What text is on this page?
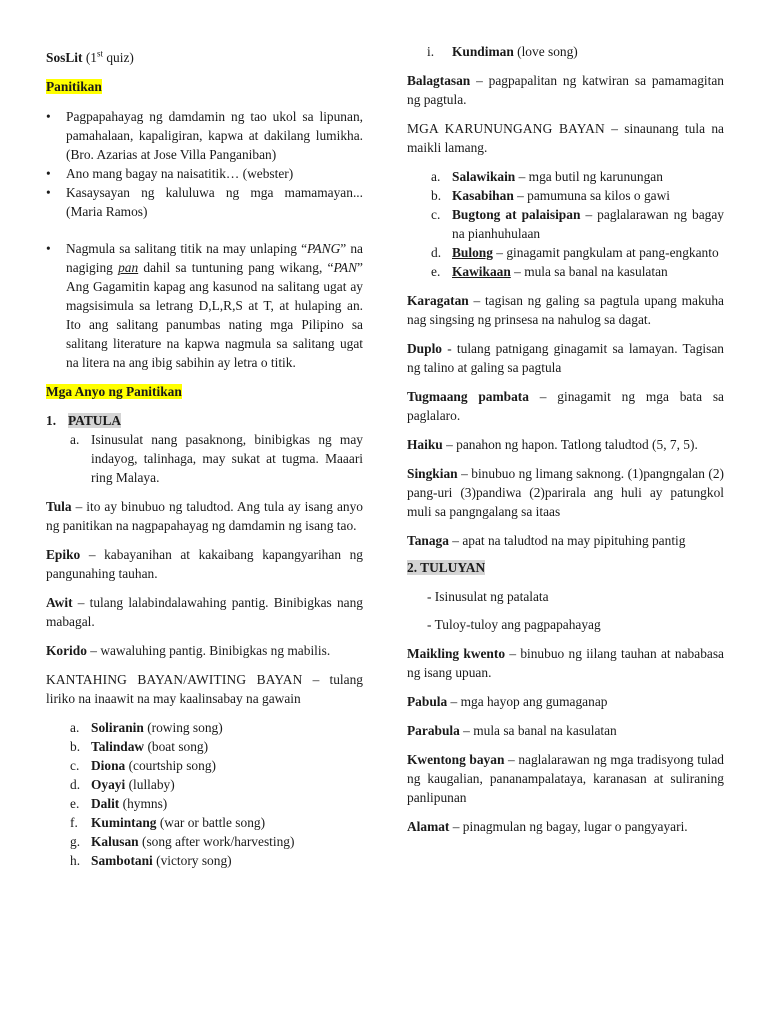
SosLit (1st quiz)

Panitikan

• Pagpapahayag ng damdamin ng tao ukol sa lipunan, pamahalaan, kapaligiran, kapwa at dakilang lumikha. (Bro. Azarias at Jose Villa Panganiban)

• Ano mang bagay na naisatitik… (webster)

• Kasaysayan ng kaluluwa ng mga mamamayan... (Maria Ramos)

• Nagmula sa salitang titik na may unlaping “PANG” na nagiging pan dahil sa tuntuning pang wikang, “PAN” Ang Gagamitin kapag ang kasunod na salitang ugat ay magsisimula sa letrang D,L,R,S at T, at hulaping an. Ito ang salitang panumbas nating mga Pilipino sa salitang literature na kapwa nagmula sa salitang ugat na litera na ang ibig sabihin ay letra o titik.

Mga Anyo ng Panitikan

1. PATULA

a. Isinusulat nang pasaknong, binibigkas ng may indayog, talinhaga, may sukat at tugma. Maaari ring Malaya.

Tula – ito ay binubuo ng taludtod. Ang tula ay isang anyo ng panitikan na nagpapahayag ng damdamin ng isang tao.

Epiko – kabayanihan at kakaibang kapangyarihan ng pangunahing tauhan.

Awit – tulang lalabindalawahing pantig. Binibigkas nang mabagal.

Korido – wawaluhing pantig. Binibigkas ng mabilis.

KANTAHING BAYAN/AWITING BAYAN – tulang liriko na inaawit na may kaalinsabay na gawain

a. Soliranin (rowing song)

b. Talindaw (boat song)

c. Diona (courtship song)

d. Oyayi (lullaby)

e. Dalit (hymns)

f. Kumintang (war or battle song)

g. Kalusan (song after work/harvesting)

h. Sambotani (victory song)

i. Kundiman (love song)

Balagtasan – pagpapalitan ng katwiran sa pamamagitan ng pagtula.

MGA KARUNUNGANG BAYAN – sinaunang tula na maikli lamang.

a. Salawikain – mga butil ng karunungan

b. Kasabihan – pamumuna sa kilos o gawi

c. Bugtong at palaisipan – paglalarawan ng bagay na pianhuhulaan

d. Bulong – ginagamit pangkulam at pang-engkanto

e. Kawikaan – mula sa banal na kasulatan

Karagatan – tagisan ng galing sa pagtula upang makuha nag singsing ng prinsesa na nahulog sa dagat.

Duplo - tulang patnigang ginagamit sa lamayan. Tagisan ng talino at galing sa pagtula

Tugmaang pambata – ginagamit ng mga bata sa paglalaro.

Haiku – panahon ng hapon. Tatlong taludtod (5, 7, 5).

Singkian – binubuo ng limang saknong. (1)pangngalan (2) pang-uri (3)pandiwa (2)parirala ang huli ay patungkol muli sa pangngalang sa itaas

Tanaga – apat na taludtod na may pipituhing pantig

2. TULUYAN

- Isinusulat ng patalata

- Tuloy-tuloy ang pagpapahayag

Maikling kwento – binubuo ng iilang tauhan at nababasa ng isang upuan.

Pabula – mga hayop ang gumaganap

Parabula – mula sa banal na kasulatan

Kwentong bayan – naglalarawan ng mga tradisyong tulad ng kaugalian, pananampalataya, karanasan at suliraning panlipunan

Alamat – pinagmulan ng bagay, lugar o pangyayari.
